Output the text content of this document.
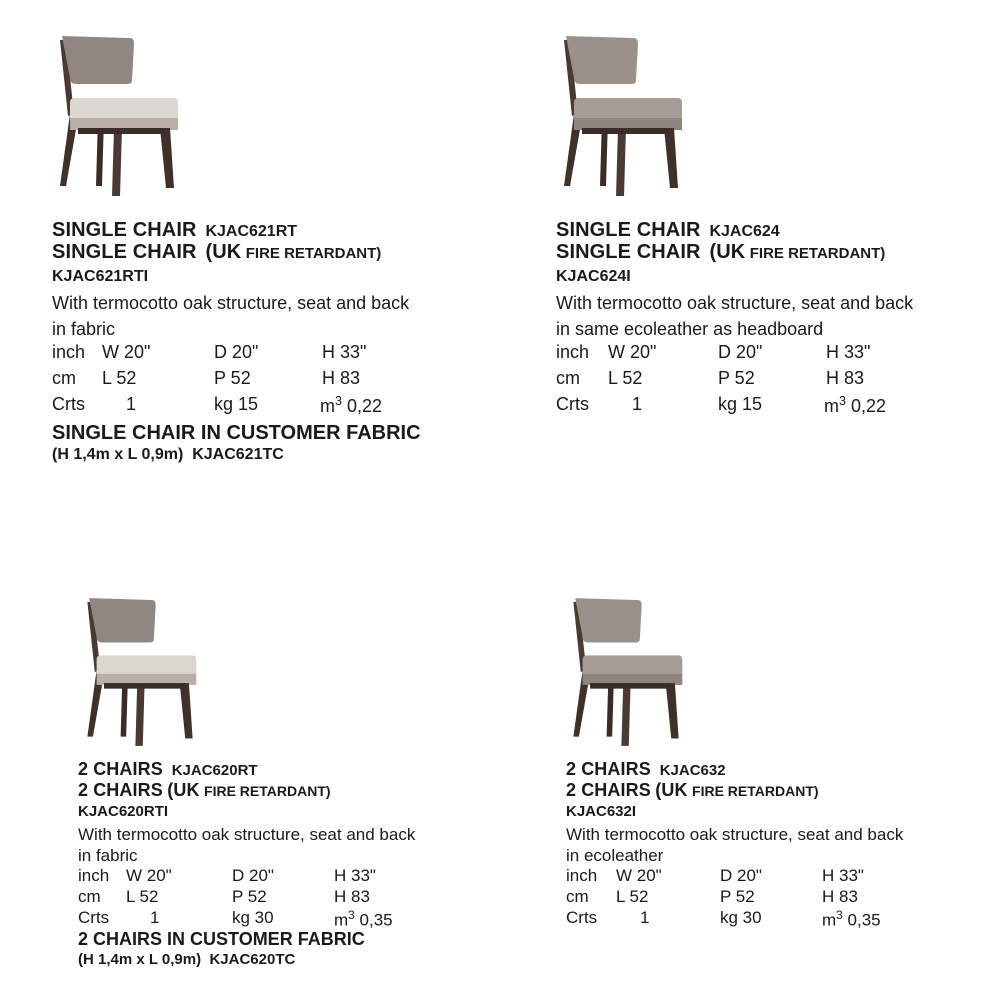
SINGLE CHAIR KJAC621RT
SINGLE CHAIR (UK FIRE RETARDANT)
KJAC621RTI
With termocotto oak structure, seat and back
in fabric
inch W 20"	D 20"	H 33"
cm L 52	P 52	H 83
Crts 1	kg 15	$m^3$ 0,22
SINGLE CHAIR IN CUSTOMER FABRIC
(H 1,4m x L 0,9m) KJAC621TC
SINGLE CHAIR KJAC624
SINGLE CHAIR (UK FIRE RETARDANT)
KJAC624I
With termocotto oak structure, seat and back
in same ecoleather as headboard
inch W 20"	D 20"	H 33"
cm L 52	P 52	H 83
Crts 1	kg 15	$m^3$ 0,22
2 CHAIRS KJAC620RT
2 CHAIRS (UK FIRE RETARDANT)
KJAC620RTI
With termocotto oak structure, seat and back
in fabric
inch W 20"	D 20"	H 33"
cm L 52	P 52	H 83
Crts 1	kg 30	$m^3$ 0,35
2 CHAIRS IN CUSTOMER FABRIC
(H 1,4m x L 0,9m) KJAC620TC
2 CHAIRS KJAC632
2 CHAIRS (UK FIRE RETARDANT)
KJAC632I
With termocotto oak structure, seat and back
in ecoleather
inch W 20"	D 20"	H 33"
cm L 52	P 52	H 83
Crts	1	kg 30	$m^3$ 0,35
